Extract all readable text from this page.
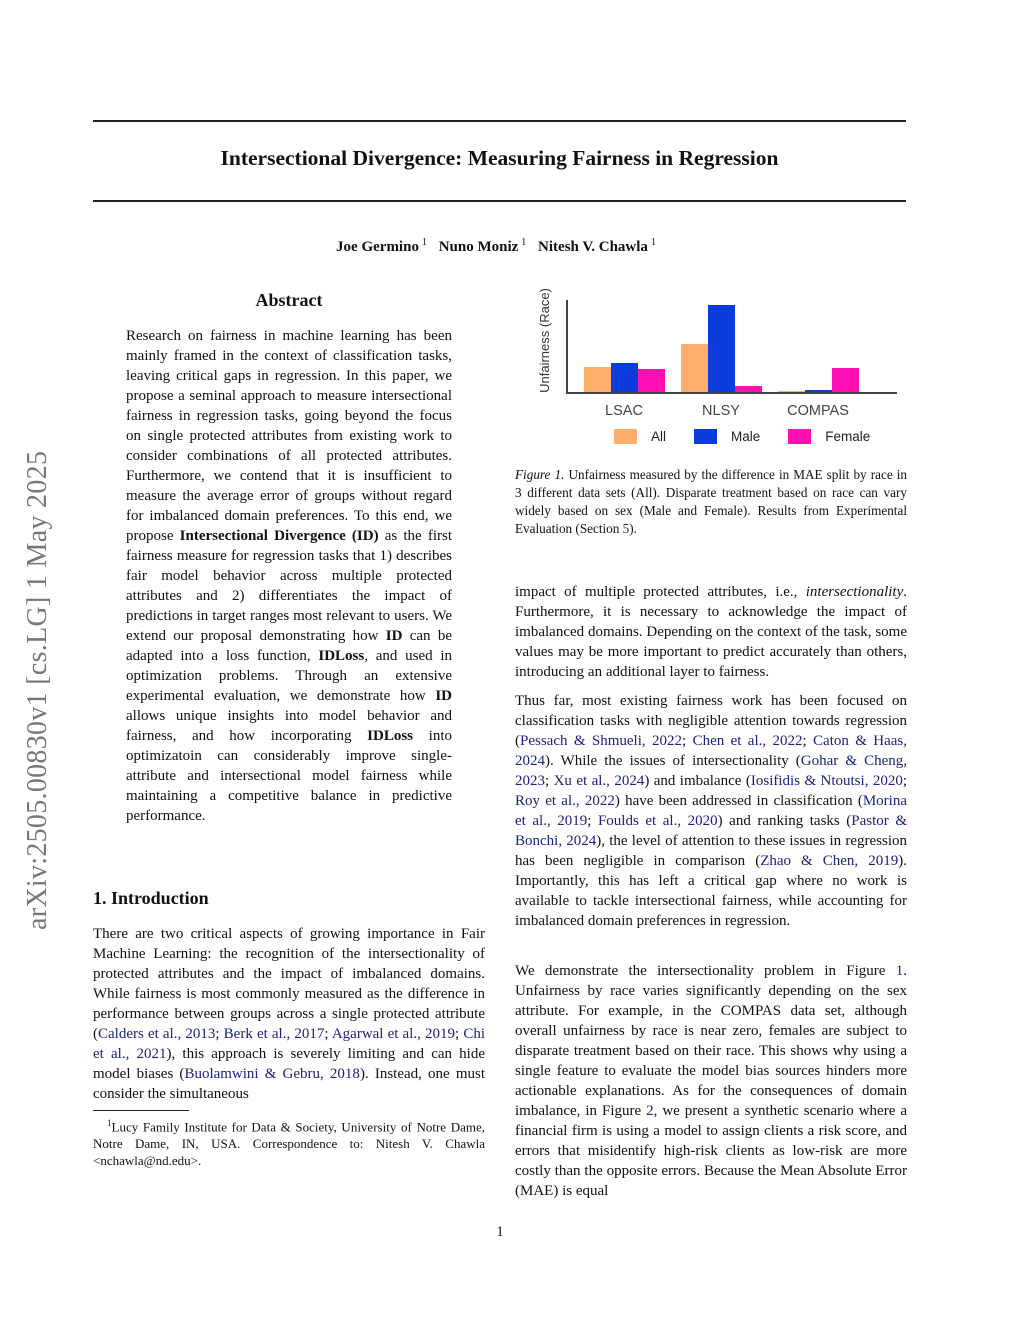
arXiv:2505.00830v1 [cs.LG] 1 May 2025
Intersectional Divergence: Measuring Fairness in Regression
Joe Germino $^1$ Nuno Moniz $^1$ Nitesh V. Chawla $^1$
Abstract
Research on fairness in machine learning has been mainly framed in the context of classification tasks, leaving critical gaps in regression. In this paper, we propose a seminal approach to measure intersectional fairness in regression tasks, going beyond the focus on single protected attributes from existing work to consider combinations of all protected attributes. Furthermore, we contend that it is insufficient to measure the average error of groups without regard for imbalanced domain preferences. To this end, we propose Intersectional Divergence (ID) as the first fairness measure for regression tasks that 1) describes fair model behavior across multiple protected attributes and 2) differentiates the impact of predictions in target ranges most relevant to users. We extend our proposal demonstrating how ID can be adapted into a loss function, IDLoss, and used in optimization problems. Through an extensive experimental evaluation, we demonstrate how ID allows unique insights into model behavior and fairness, and how incorporating IDLoss into optimizatoin can considerably improve single-attribute and intersectional model fairness while maintaining a competitive balance in predictive performance.
1. Introduction
There are two critical aspects of growing importance in Fair Machine Learning: the recognition of the intersectionality of protected attributes and the impact of imbalanced domains. While fairness is most commonly measured as the difference in performance between groups across a single protected attribute (Calders et al., 2013; Berk et al., 2017; Agarwal et al., 2019; Chi et al., 2021), this approach is severely limiting and can hide model biases (Buolamwini & Gebru, 2018). Instead, one must consider the simultaneous
$^1$Lucy Family Institute for Data & Society, University of Notre Dame, Notre Dame, IN, USA. Correspondence to: Nitesh V. Chawla <nchawla@nd.edu>.
Unfairness (Race)
LSAC	NLSY	COMPAS
All	Male	Female
Figure 1. Unfairness measured by the difference in MAE split by race in 3 different data sets (All). Disparate treatment based on race can vary widely based on sex (Male and Female). Results from Experimental Evaluation (Section 5).
impact of multiple protected attributes, i.e., intersectionality. Furthermore, it is necessary to acknowledge the impact of imbalanced domains. Depending on the context of the task, some values may be more important to predict accurately than others, introducing an additional layer to fairness.
Thus far, most existing fairness work has been focused on classification tasks with negligible attention towards regression (Pessach & Shmueli, 2022; Chen et al., 2022; Caton & Haas, 2024). While the issues of intersectionality (Gohar & Cheng, 2023; Xu et al., 2024) and imbalance (Iosifidis & Ntoutsi, 2020; Roy et al., 2022) have been addressed in classification (Morina et al., 2019; Foulds et al., 2020) and ranking tasks (Pastor & Bonchi, 2024), the level of attention to these issues in regression has been negligible in comparison (Zhao & Chen, 2019). Importantly, this has left a critical gap where no work is available to tackle intersectional fairness, while accounting for imbalanced domain preferences in regression.
We demonstrate the intersectionality problem in Figure 1. Unfairness by race varies significantly depending on the sex attribute. For example, in the COMPAS data set, although overall unfairness by race is near zero, females are subject to disparate treatment based on their race. This shows why using a single feature to evaluate the model bias sources hinders more actionable explanations. As for the consequences of domain imbalance, in Figure 2, we present a synthetic scenario where a financial firm is using a model to assign clients a risk score, and errors that misidentify high-risk clients as low-risk are more costly than the opposite errors. Because the Mean Absolute Error (MAE) is equal
1
